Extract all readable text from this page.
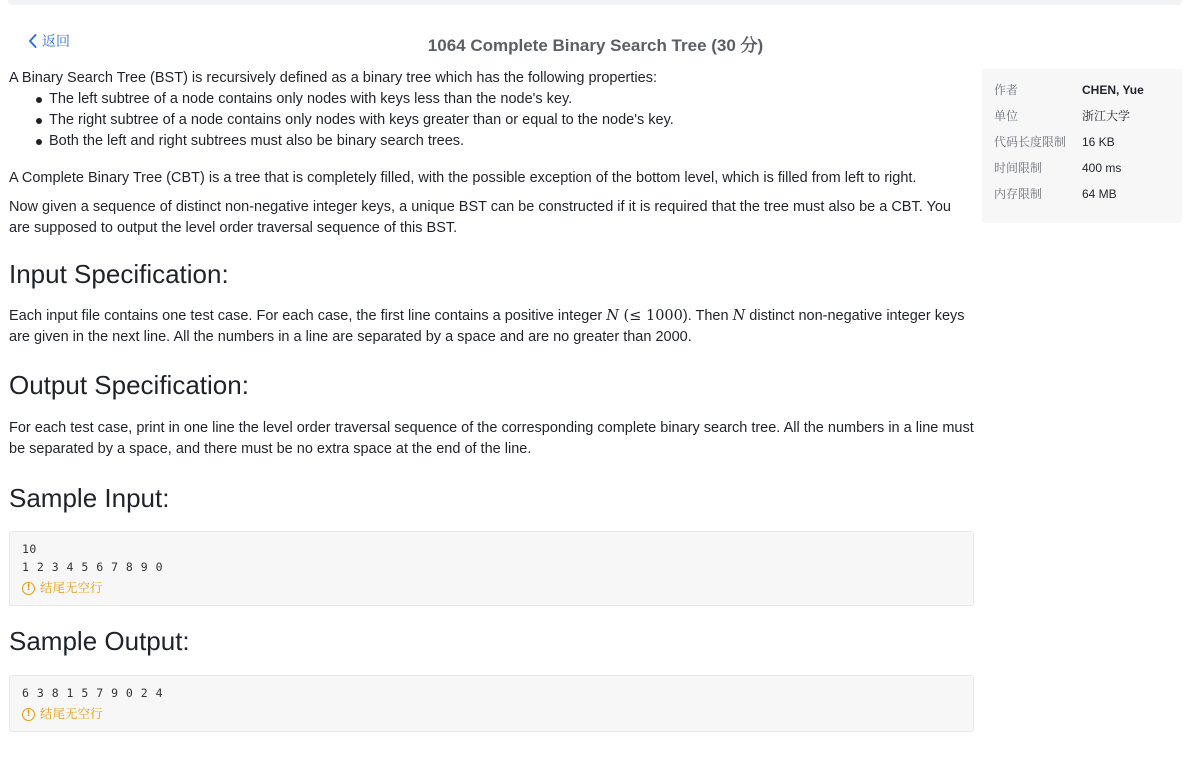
返回	1064 Complete Binary Search Tree (30 分)

A Binary Search Tree (BST) is recursively defined as a binary tree which has the following properties:

The left subtree of a node contains only nodes with keys less than the node's key.
The right subtree of a node contains only nodes with keys greater than or equal to the node's key.
Both the left and right subtrees must also be binary search trees.

A Complete Binary Tree (CBT) is a tree that is completely filled, with the possible exception of the bottom level, which is filled from left to right.

Now given a sequence of distinct non-negative integer keys, a unique BST can be constructed if it is required that the tree must also be a CBT. You are supposed to output the level order traversal sequence of this BST.

Input Specification:

Each input file contains one test case. For each case, the first line contains a positive integer N (≤ 1000). Then N distinct non-negative integer keys are given in the next line. All the numbers in a line are separated by a space and are no greater than 2000.

Output Specification:

For each test case, print in one line the level order traversal sequence of the corresponding complete binary search tree. All the numbers in a line must be separated by a space, and there must be no extra space at the end of the line.

Sample Input:
10
1 2 3 4 5 6 7 8 9 0
! 结尾无空行
Sample Output:
6 3 8 1 5 7 9 0 2 4
! 结尾无空行
作者	CHEN, Yue
单位	浙江大学
代码长度限制 16 KB
时间限制	400 ms
内存限制	64 MB
